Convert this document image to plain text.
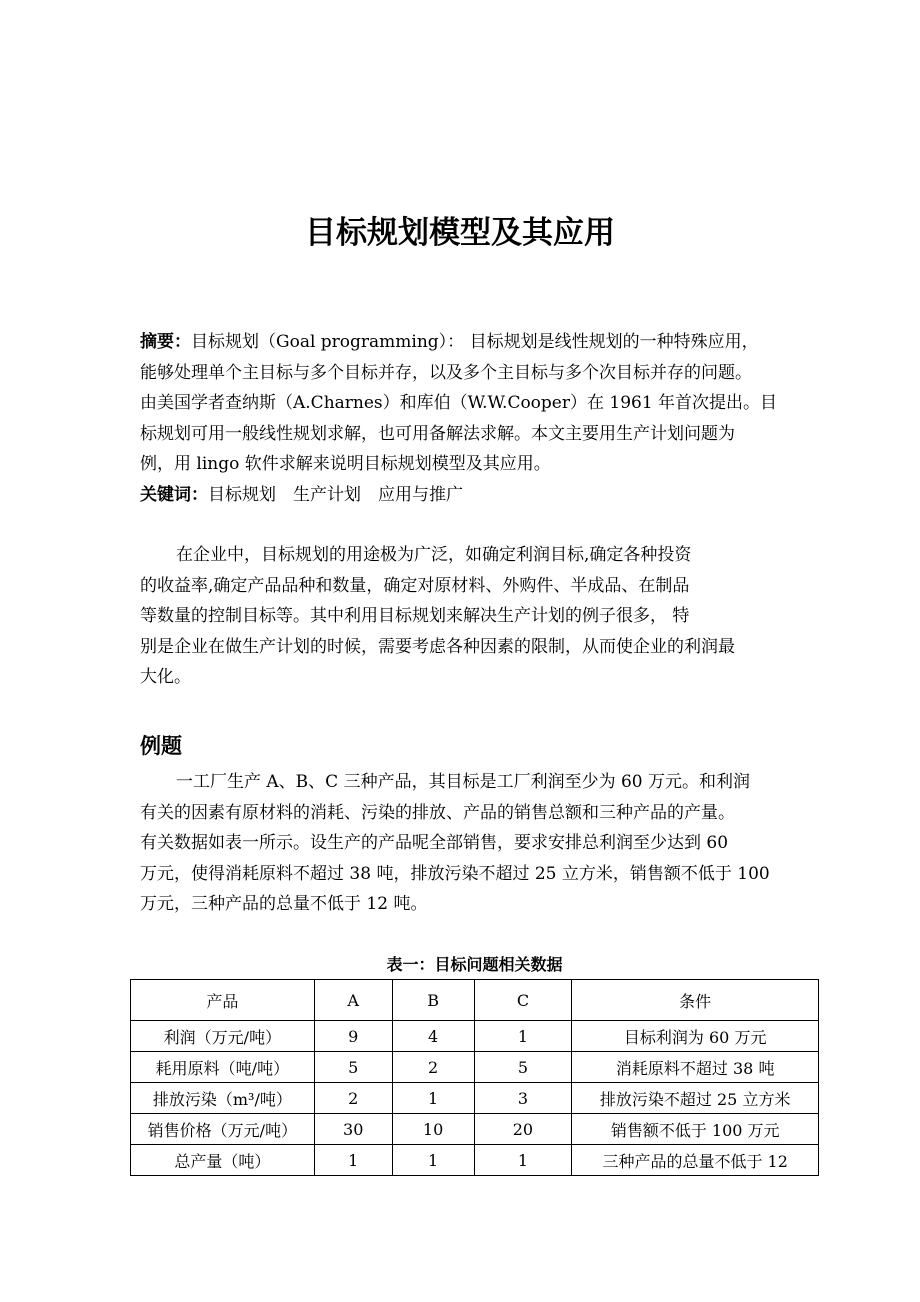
目标规划模型及其应用
摘要：目标规划（Goal programming）： 目标规划是线性规划的一种特殊应用，
能够处理单个主目标与多个目标并存，以及多个主目标与多个次目标并存的问题。
由美国学者查纳斯（A.Charnes）和库伯（W.W.Cooper）在 1961 年首次提出。目
标规划可用一般线性规划求解，也可用备解法求解。本文主要用生产计划问题为
例，用 lingo 软件求解来说明目标规划模型及其应用。
关键词：目标规划　生产计划　应用与推广
在企业中，目标规划的用途极为广泛，如确定利润目标,确定各种投资
的收益率,确定产品品种和数量，确定对原材料、外购件、半成品、在制品
等数量的控制目标等。其中利用目标规划来解决生产计划的例子很多， 特
别是企业在做生产计划的时候，需要考虑各种因素的限制，从而使企业的利润最
大化。
例题
一工厂生产 A、B、C 三种产品，其目标是工厂利润至少为 60 万元。和利润
有关的因素有原材料的消耗、污染的排放、产品的销售总额和三种产品的产量。
有关数据如表一所示。设生产的产品呢全部销售，要求安排总利润至少达到 60
万元，使得消耗原料不超过 38 吨，排放污染不超过 25 立方米，销售额不低于 100
万元，三种产品的总量不低于 12 吨。
表一：目标问题相关数据
产品	A	B	C	条件
利润（万元/吨）	9	4	1	目标利润为 60 万元
耗用原料（吨/吨）	5	2	5	消耗原料不超过 38 吨
排放污染（m³/吨）	2	1	3	排放污染不超过 25 立方米
销售价格（万元/吨）	30	10	20	销售额不低于 100 万元
总产量（吨）	1	1	1	三种产品的总量不低于 12
